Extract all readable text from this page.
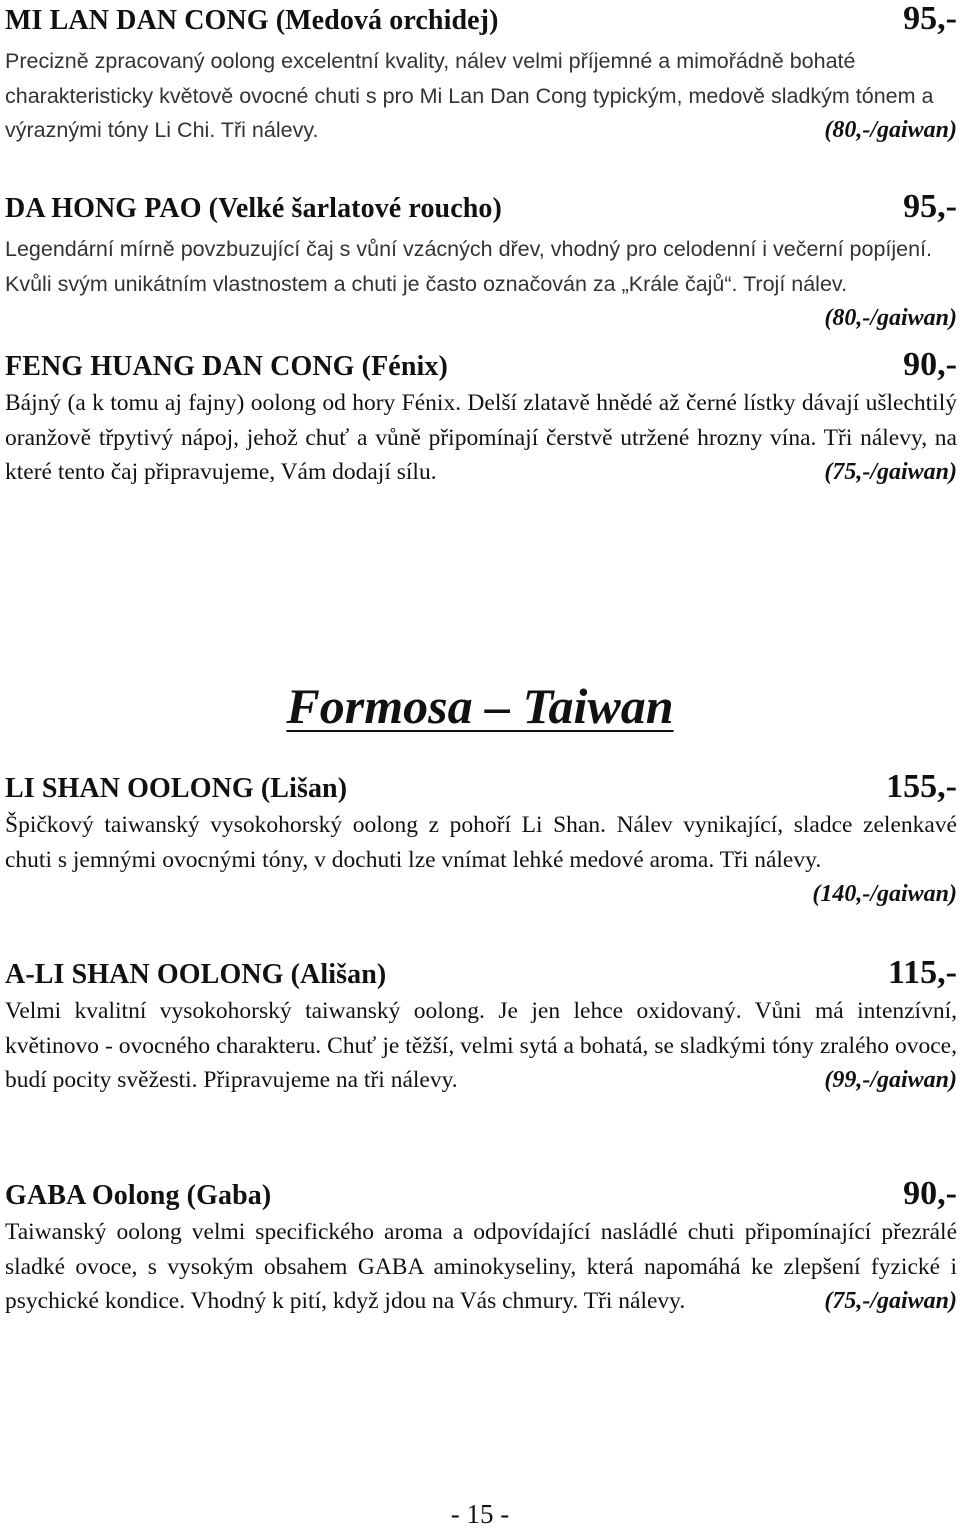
MI LAN DAN CONG (Medová orchidej)	95,-
Precizně zpracovaný oolong excelentní kvality, nálev velmi příjemné a mimořádně bohaté charakteristicky květově ovocné chuti s pro Mi Lan Dan Cong typickým, medově sladkým tónem a výraznými tóny Li Chi. Tři nálevy.	(80,-/gaiwan)
DA HONG PAO (Velké šarlatové roucho)	95,-
Legendární mírně povzbuzující čaj s vůní vzácných dřev, vhodný pro celodenní i večerní popíjení. Kvůli svým unikátním vlastnostem a chuti je často označován za „Krále čajů“. Trojí nálev.
(80,-/gaiwan)
FENG HUANG DAN CONG (Fénix)	90,-
Bájný (a k tomu aj fajny) oolong od hory Fénix. Delší zlatavě hnědé až černé lístky dávají ušlechtilý oranžově třpytivý nápoj, jehož chuť a vůně připomínají čerstvě utržené hrozny vína. Tři nálevy, na které tento čaj připravujeme, Vám dodají sílu.	(75,-/gaiwan)
Formosa – Taiwan
LI SHAN OOLONG (Lišan)	155,-
Špičkový taiwanský vysokohorský oolong z pohoří Li Shan. Nálev vynikající, sladce zelenkavé chuti s jemnými ovocnými tóny, v dochuti lze vnímat lehké medové aroma. Tři nálevy.
(140,-/gaiwan)
A-LI SHAN OOLONG (Ališan)	115,-
Velmi kvalitní vysokohorský taiwanský oolong. Je jen lehce oxidovaný. Vůni má intenzívní, květinovo - ovocného charakteru. Chuť je těžší, velmi sytá a bohatá, se sladkými tóny zralého ovoce, budí pocity svěžesti. Připravujeme na tři nálevy.	(99,-/gaiwan)
GABA Oolong (Gaba)	90,-
Taiwanský oolong velmi specifického aroma a odpovídající nasládlé chuti připomínající přezrálé sladké ovoce, s vysokým obsahem GABA aminokyseliny, která napomáhá ke zlepšení fyzické i psychické kondice. Vhodný k pití, když jdou na Vás chmury. Tři nálevy.	(75,-/gaiwan)
- 15 -
